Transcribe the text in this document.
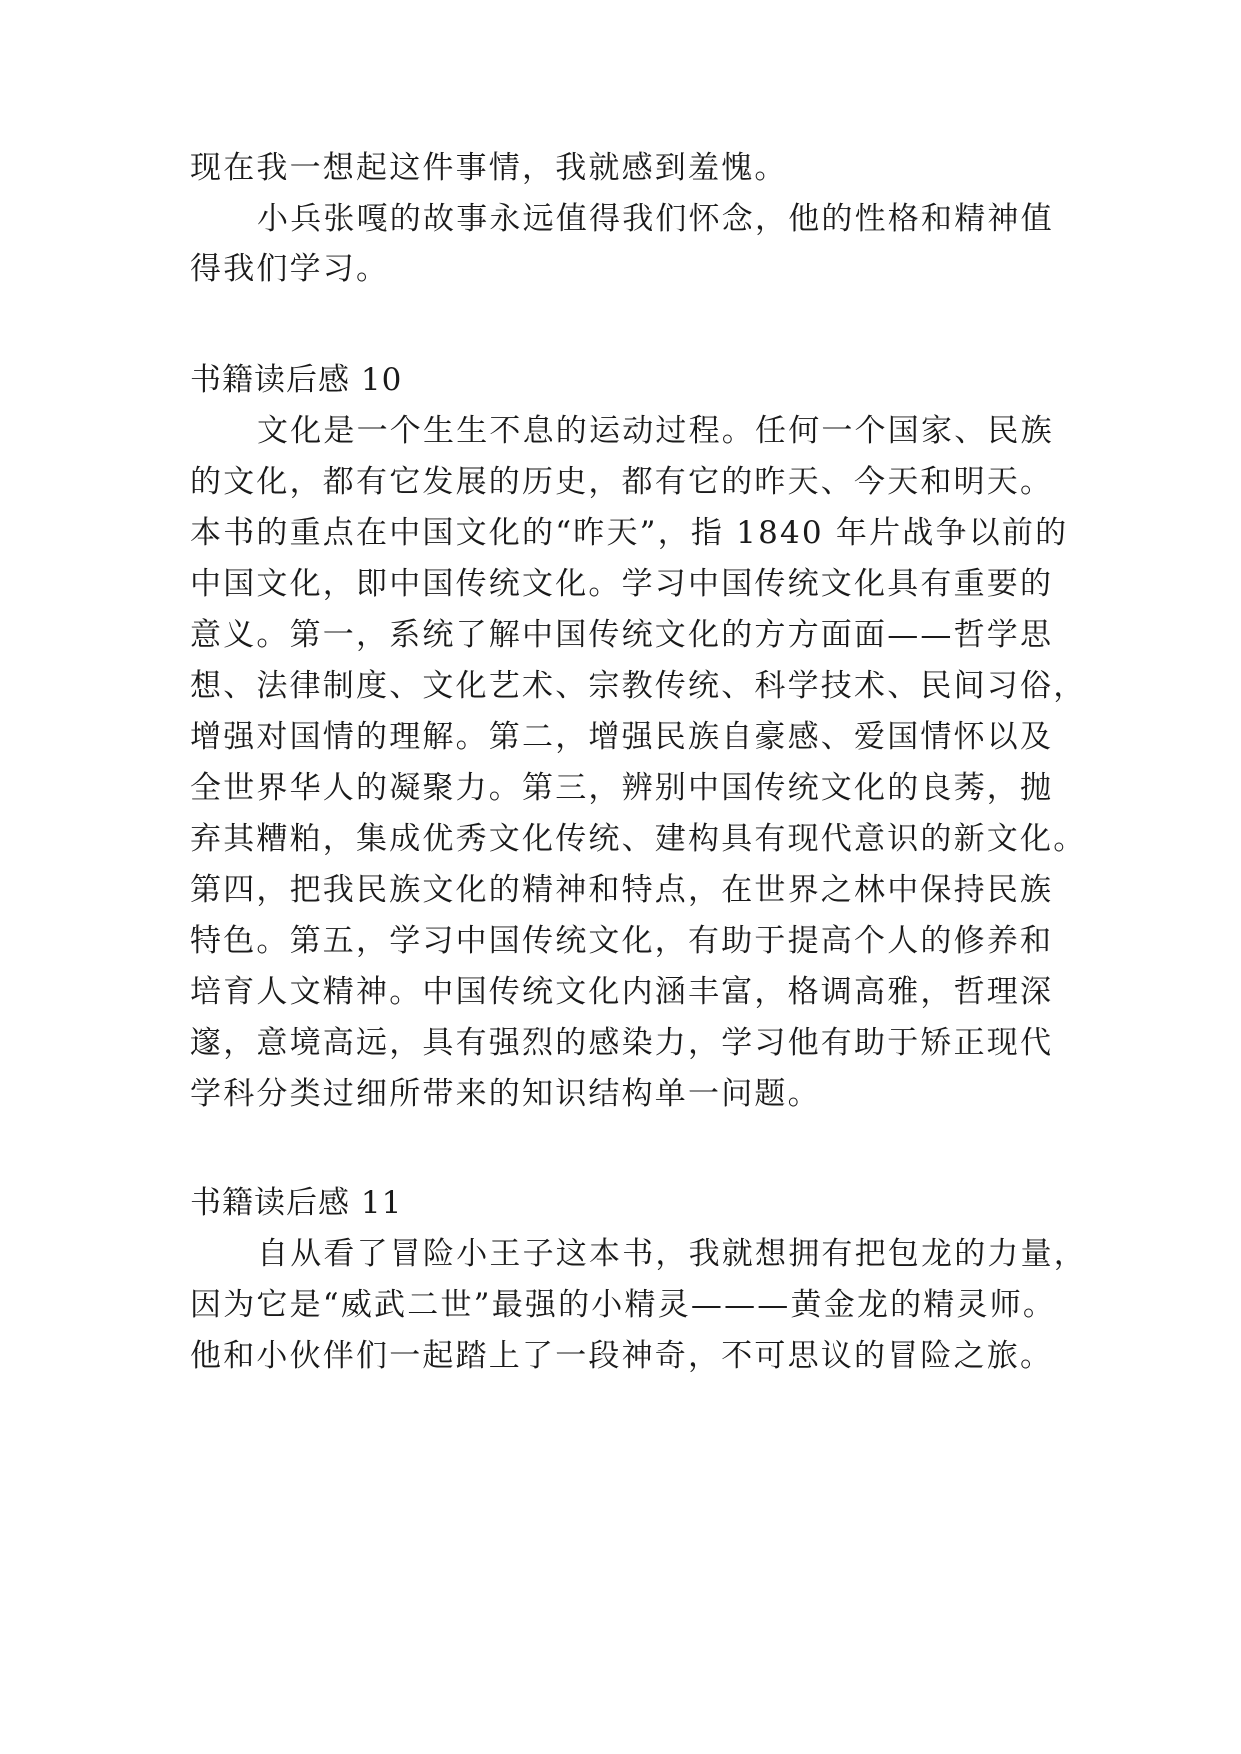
现在我一想起这件事情，我就感到羞愧。
小兵张嘎的故事永远值得我们怀念，他的性格和精神值
得我们学习。
书籍读后感 10
文化是一个生生不息的运动过程。任何一个国家、民族
的文化，都有它发展的历史，都有它的昨天、今天和明天。
本书的重点在中国文化的“昨天”，指 1840 年片战争以前的
中国文化，即中国传统文化。学习中国传统文化具有重要的
意义。第一，系统了解中国传统文化的方方面面——哲学思
想、法律制度、文化艺术、宗教传统、科学技术、民间习俗，
增强对国情的理解。第二，增强民族自豪感、爱国情怀以及
全世界华人的凝聚力。第三，辨别中国传统文化的良莠，抛
弃其糟粕，集成优秀文化传统、建构具有现代意识的新文化。
第四，把我民族文化的精神和特点，在世界之林中保持民族
特色。第五，学习中国传统文化，有助于提高个人的修养和
培育人文精神。中国传统文化内涵丰富，格调高雅，哲理深
邃，意境高远，具有强烈的感染力，学习他有助于矫正现代
学科分类过细所带来的知识结构单一问题。
书籍读后感 11
自从看了冒险小王子这本书，我就想拥有把包龙的力量，
因为它是“威武二世”最强的小精灵———黄金龙的精灵师。
他和小伙伴们一起踏上了一段神奇，不可思议的冒险之旅。
